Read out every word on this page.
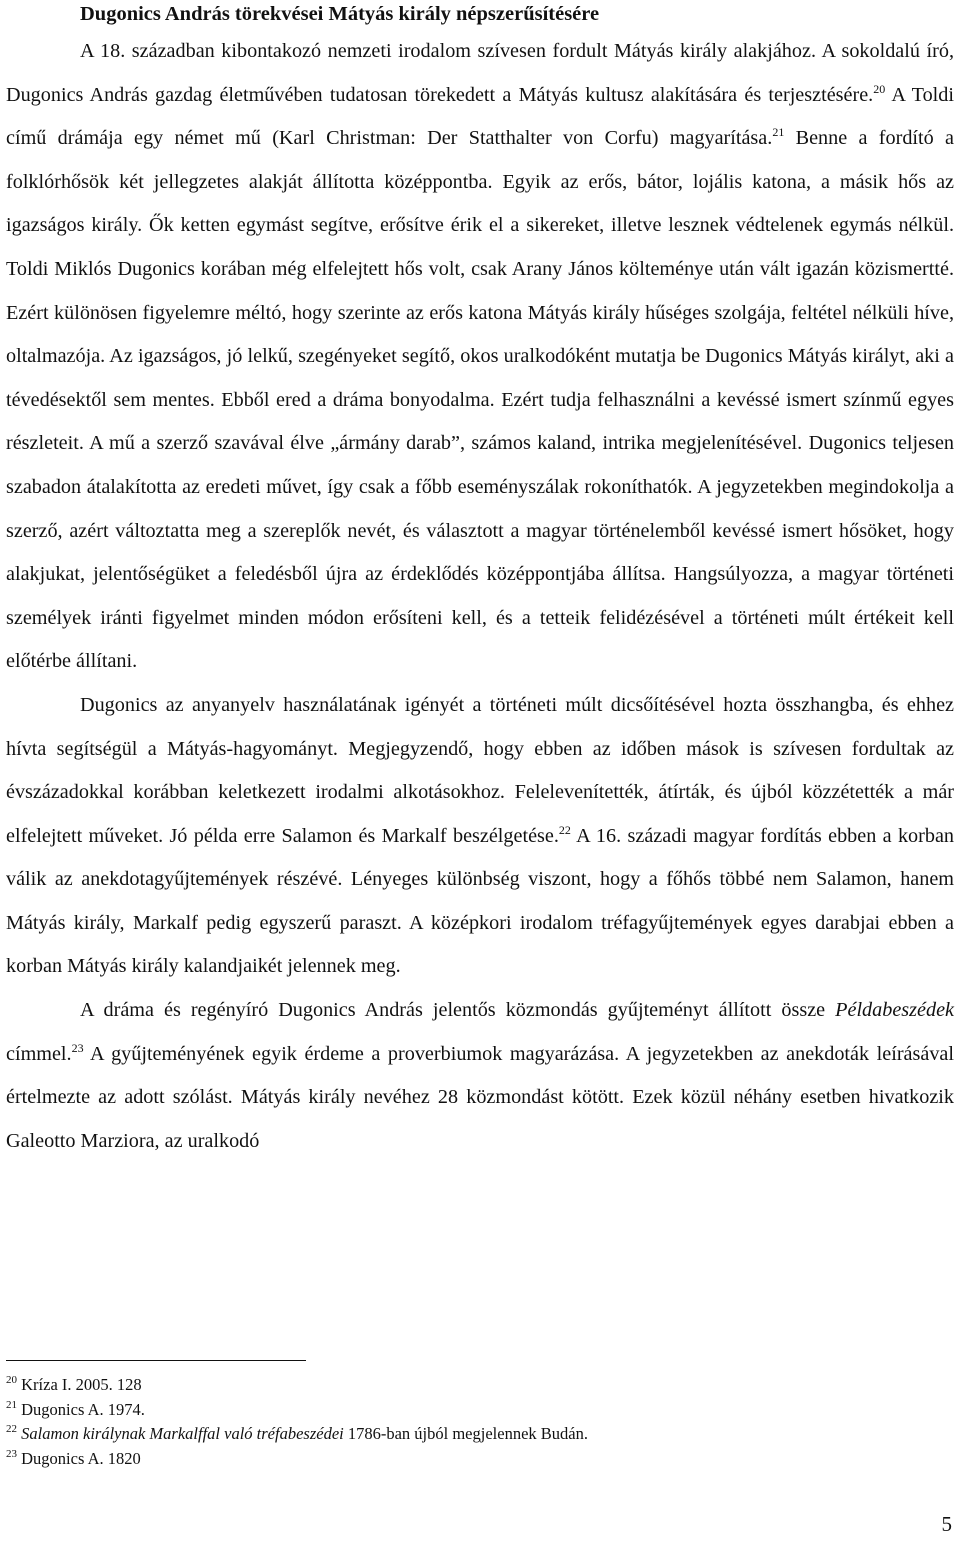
Dugonics András törekvései Mátyás király népszerűsítésére

A 18. században kibontakozó nemzeti irodalom szívesen fordult Mátyás király alakjához. A sokoldalú író, Dugonics András gazdag életművében tudatosan törekedett a Mátyás kultusz alakítására és terjesztésére.$^{20}$ A Toldi című drámája egy német mű (Karl Christman: Der Statthalter von Corfu) magyarítása.$^{21}$ Benne a fordító a folklórhősök két jellegzetes alakját állította középpontba. Egyik az erős, bátor, lojális katona, a másik hős az igazságos király. Ők ketten egymást segítve, erősítve érik el a sikereket, illetve lesznek védtelenek egymás nélkül. Toldi Miklós Dugonics korában még elfelejtett hős volt, csak Arany János költeménye után vált igazán közismertté. Ezért különösen figyelemre méltó, hogy szerinte az erős katona Mátyás király hűséges szolgája, feltétel nélküli híve, oltalmazója. Az igazságos, jó lelkű, szegényeket segítő, okos uralkodóként mutatja be Dugonics Mátyás királyt, aki a tévedésektől sem mentes. Ebből ered a dráma bonyodalma. Ezért tudja felhasználni a kevéssé ismert színmű egyes részleteit. A mű a szerző szavával élve „ármány darab”, számos kaland, intrika megjelenítésével. Dugonics teljesen szabadon átalakította az eredeti művet, így csak a főbb eseményszálak rokoníthatók. A jegyzetekben megindokolja a szerző, azért változtatta meg a szereplők nevét, és választott a magyar történelemből kevéssé ismert hősöket, hogy alakjukat, jelentőségüket a feledésből újra az érdeklődés középpontjába állítsa. Hangsúlyozza, a magyar történeti személyek iránti figyelmet minden módon erősíteni kell, és a tetteik felidézésével a történeti múlt értékeit kell előtérbe állítani.

Dugonics az anyanyelv használatának igényét a történeti múlt dicsőítésével hozta összhangba, és ehhez hívta segítségül a Mátyás-hagyományt. Megjegyzendő, hogy ebben az időben mások is szívesen fordultak az évszázadokkal korábban keletkezett irodalmi alkotásokhoz. Felelevenítették, átírták, és újból közzétették a már elfelejtett műveket. Jó példa erre Salamon és Markalf beszélgetése.$^{22}$ A 16. századi magyar fordítás ebben a korban válik az anekdotagyűjtemények részévé. Lényeges különbség viszont, hogy a főhős többé nem Salamon, hanem Mátyás király, Markalf pedig egyszerű paraszt. A középkori irodalom tréfagyűjtemények egyes darabjai ebben a korban Mátyás király kalandjaikét jelennek meg.

A dráma és regényíró Dugonics András jelentős közmondás gyűjteményt állított össze Példabeszédek címmel.$^{23}$ A gyűjteményének egyik érdeme a proverbiumok magyarázása. A jegyzetekben az anekdoták leírásával értelmezte az adott szólást. Mátyás király nevéhez 28 közmondást kötött. Ezek közül néhány esetben hivatkozik Galeotto Marziora, az uralkodó

$^{20}$ Kríza I. 2005. 128
$^{21}$ Dugonics A. 1974.
$^{22}$ Salamon királynak Markalffal való tréfabeszédei 1786-ban újból megjelennek Budán.
$^{23}$ Dugonics A. 1820
5
